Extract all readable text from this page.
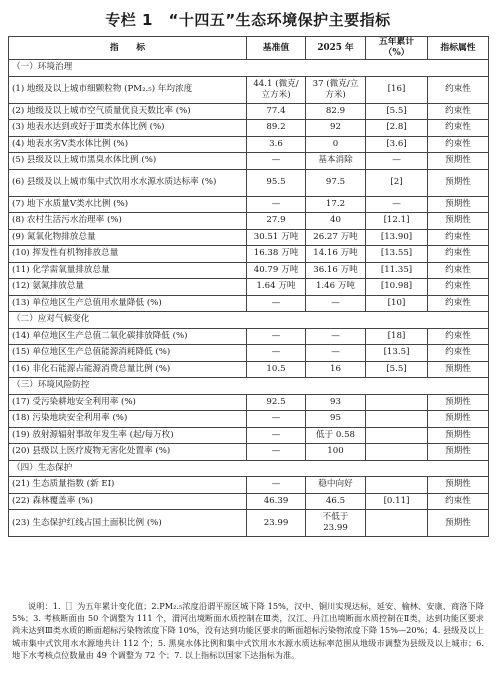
专栏 1　“十四五”生态环境保护主要指标
指　　标	基准值	2025 年	五年累计（%）	指标属性
（一）环境治理				
(1) 地级及以上城市细颗粒物 (PM₂.₅) 年均浓度	44.1 (微克/立方米)	37 (微克/立方米)	[16]	约束性
(2) 地级及以上城市空气质量优良天数比率 (%)	77.4	82.9	[5.5]	约束性
(3) 地表水达到或好于Ⅲ类水体比例 (%)	89.2	92	[2.8]	约束性
(4) 地表水劣Ⅴ类水体比例 (%)	3.6	0	[3.6]	约束性
(5) 县级及以上城市黑臭水体比例 (%)	—	基本消除	—	预期性
(6) 县级及以上城市集中式饮用水水源水质达标率 (%)	95.5	97.5	[2]	预期性
(7) 地下水质量Ⅴ类水比例 (%)	—	17.2	—	预期性
(8) 农村生活污水治理率 (%)	27.9	40	[12.1]	预期性
(9) 氮氧化物排放总量	30.51 万吨	26.27 万吨	[13.90]	约束性
(10) 挥发性有机物排放总量	16.38 万吨	14.16 万吨	[13.55]	约束性
(11) 化学需氧量排放总量	40.79 万吨	36.16 万吨	[11.35]	约束性
(12) 氨氮排放总量	1.64 万吨	1.46 万吨	[10.98]	约束性
(13) 单位地区生产总值用水量降低 (%)	—	—	[10]	约束性
（二）应对气候变化				
(14) 单位地区生产总值二氧化碳排放降低 (%)	—	—	[18]	约束性
(15) 单位地区生产总值能源消耗降低 (%)	—	—	[13.5]	约束性
(16) 非化石能源占能源消费总量比例 (%)	10.5	16	[5.5]	预期性
（三）环境风险防控				
(17) 受污染耕地安全利用率 (%)	92.5	93		预期性
(18) 污染地块安全利用率 (%)	—	95		预期性
(19) 放射源辐射事故年发生率 (起/每万枚)	—	低于 0.58		预期性
(20) 县级以上医疗废物无害化处置率 (%)	—	100		预期性
（四）生态保护				
(21) 生态质量指数 (新 EI)	—	稳中向好		预期性
(22) 森林覆盖率 (%)	46.39	46.5	[0.11]	约束性
(23) 生态保护红线占国土面积比例 (%)	23.99	不低于 23.99		预期性
说明：1.［］为五年累计变化值；2.PM₂.₅浓度沿谓平原区城下降 15%，汉中、铜川实现达标，延安、榆林、安康、商洛下降 5%；3. 考核断面由 50 个调整为 111 个，渭河出境断面水质控制在Ⅲ类，汉江、丹江出境断面水质控制在Ⅱ类，达到功能区要求尚未达到Ⅲ类水质的断面超标污染物浓度下降 10%，没有达到功能区要求的断面超标污染物浓度下降 15%—20%；4. 县级及以上城市集中式饮用水水源地共计 112 个；5. 黑臭水体比例和集中式饮用水水源水质达标率范围从地级市调整为县级及以上城市；6. 地下水考核点位数量由 49 个调整为 72 个；7. 以上指标以国家下达指标为准。
